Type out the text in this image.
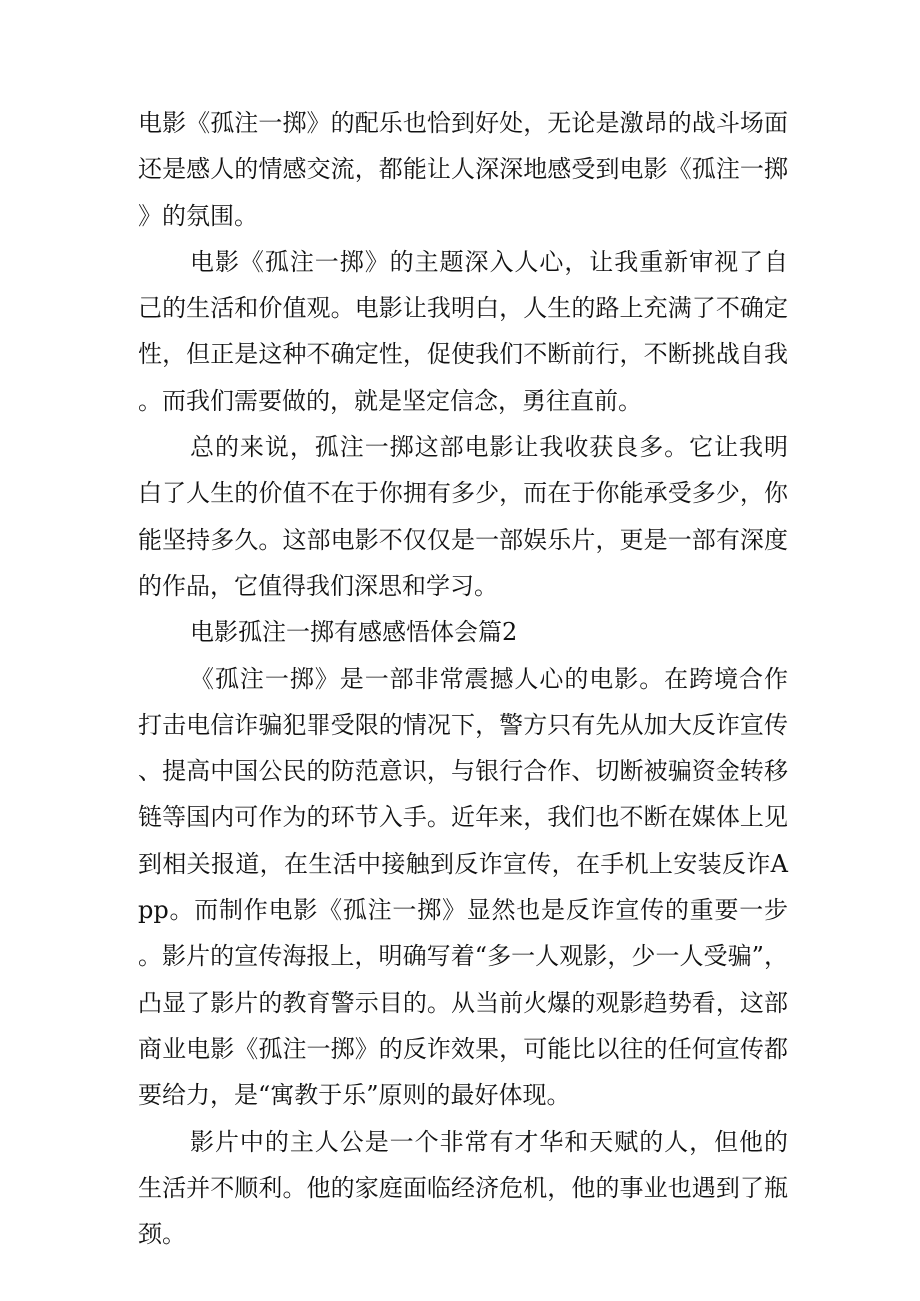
电影《孤注一掷》的配乐也恰到好处，无论是激昂的战斗场面还是感人的情感交流，都能让人深深地感受到电影《孤注一掷》的氛围。

电影《孤注一掷》的主题深入人心，让我重新审视了自己的生活和价值观。电影让我明白，人生的路上充满了不确定性，但正是这种不确定性，促使我们不断前行，不断挑战自我。而我们需要做的，就是坚定信念，勇往直前。

总的来说，孤注一掷这部电影让我收获良多。它让我明白了人生的价值不在于你拥有多少，而在于你能承受多少，你能坚持多久。这部电影不仅仅是一部娱乐片，更是一部有深度的作品，它值得我们深思和学习。

电影孤注一掷有感感悟体会篇2

《孤注一掷》是一部非常震撼人心的电影。在跨境合作打击电信诈骗犯罪受限的情况下，警方只有先从加大反诈宣传、提高中国公民的防范意识，与银行合作、切断被骗资金转移链等国内可作为的环节入手。近年来，我们也不断在媒体上见到相关报道，在生活中接触到反诈宣传，在手机上安装反诈App。而制作电影《孤注一掷》显然也是反诈宣传的重要一步。影片的宣传海报上，明确写着“多一人观影，少一人受骗”，凸显了影片的教育警示目的。从当前火爆的观影趋势看，这部商业电影《孤注一掷》的反诈效果，可能比以往的任何宣传都要给力，是“寓教于乐”原则的最好体现。

影片中的主人公是一个非常有才华和天赋的人，但他的生活并不顺利。他的家庭面临经济危机，他的事业也遇到了瓶颈。
